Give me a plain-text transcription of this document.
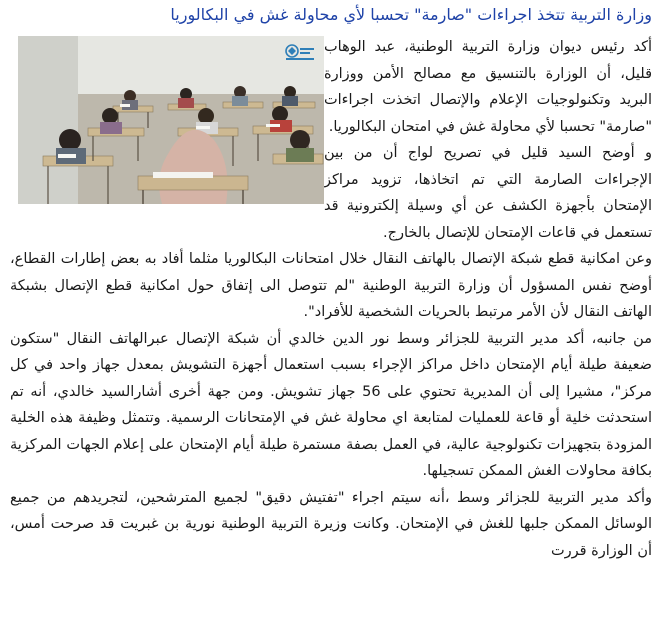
وزارة التربية تتخذ اجراءات "صارمة" تحسبا لأي محاولة غش في البكالوريا

أكد رئيس ديوان وزارة التربية الوطنية، عبد الوهاب قليل، أن الوزارة بالتنسيق مع مصالح الأمن ووزارة البريد وتكنولوجيات الإعلام والإتصال اتخذت اجراءات "صارمة" تحسبا لأي محاولة غش في امتحان البكالوريا.

و أوضح السيد قليل في تصريح لواج أن من بين الإجراءات الصارمة التي تم اتخاذها، تزويد مراكز الإمتحان بأجهزة الكشف عن أي وسيلة إلكترونية قد تستعمل في قاعات الإمتحان للإتصال بالخارج.

وعن امكانية قطع شبكة الإتصال بالهاتف النقال خلال امتحانات البكالوريا مثلما أفاد به بعض إطارات القطاع، أوضح نفس المسؤول أن وزارة التربية الوطنية "لم تتوصل الى إتفاق حول امكانية قطع الإتصال بشبكة الهاتف النقال لأن الأمر مرتبط بالحريات الشخصية للأفراد".

من جانبه، أكد مدير التربية للجزائر وسط نور الدين خالدي أن شبكة الإتصال عبرالهاتف النقال "ستكون ضعيفة طيلة أيام الإمتحان داخل مراكز الإجراء بسبب استعمال أجهزة التشويش بمعدل جهاز واحد في كل مركز"، مشيرا إلى أن المديرية تحتوي على 56 جهاز تشويش. ومن جهة أخرى أشارالسيد خالدي، أنه تم استحدثت خلية أو قاعة للعمليات لمتابعة اي محاولة غش في الإمتحانات الرسمية. وتتمثل وظيفة هذه الخلية المزودة بتجهيزات تكنولوجية عالية، في العمل بصفة مستمرة طيلة أيام الإمتحان على إعلام الجهات المركزية بكافة محاولات الغش الممكن تسجيلها.

وأكد مدير التربية للجزائر وسط ،أنه سيتم اجراء "تفتيش دقيق" لجميع المترشحين، لتجريدهم من جميع الوسائل الممكن جلبها للغش في الإمتحان. وكانت وزيرة التربية الوطنية نورية بن غبريت قد صرحت أمس، أن الوزارة قررت
